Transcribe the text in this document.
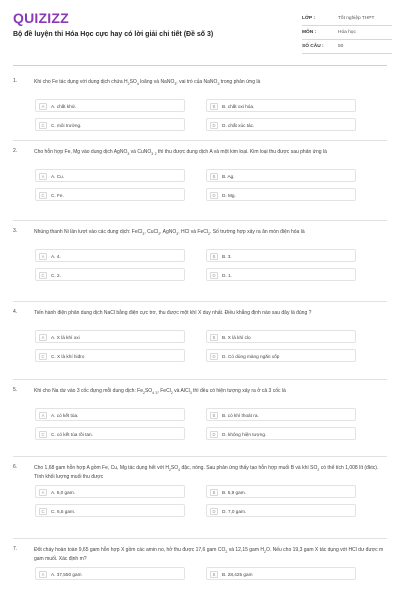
QUIZIZZ
Bộ đề luyện thi Hóa Học cực hay có lời giải chi tiết (Đề số 3)
LỚP :	Tốt nghiệp THPT
MÔN :	Hóa học
SỐ CÂU :	50
1.	Khi cho Fe tác dụng với dung dịch chứa $H_2SO_4$ loãng và NaNO$_3$, vai trò của NaNO$_3$ trong phản ứng là
A	A. chất khử.	B	B. chất oxi hóa.
C	C. môi trường.	D	D. chất xúc tác.
2.	Cho hỗn hợp Fe, Mg vào dung dịch AgNO$_3$ và CuNO$_3$ $_2$ thì thu được dung dịch A và một kim loại. Kim loại thu được sau phản ứng là
A	A. Cu.	B	B. Ag.
C	C. Fe.	D	D. Mg.
3.	Nhúng thanh Ni lần lượt vào các dung dịch: FeCl$_3$, CuCl$_2$, AgNO$_3$, HCl và FeCl$_2$. Số trường hợp xảy ra ăn mòn điện hóa là
A	A. 4.	B	B. 3.
C	C. 2.	D	D. 1.
4.	Tiến hành điện phân dung dịch NaCl bằng điện cực trơ, thu được một khí X duy nhất. Điều khẳng định nào sau đây là đúng ?
A	A. X là khí oxi	B	B. X là khí clo
C	C. X là khí hiđro	D	D. Có dùng màng ngăn xốp
5.	Khi cho Na dư vào 3 cốc đựng mỗi dung dịch: $Fe_2SO_4$ $_3$, FeCl$_2$ và AlCl$_3$ thì đều có hiện tượng xảy ra ở cả 3 cốc là
A	A. có kết tủa.	B	B. có khí thoát ra.
C	C. có kết tủa rồi tan.	D	D. không hiện tượng.
6.	Cho 1,68 gam hỗn hợp A gồm Fe, Cu, Mg tác dụng hết với $H_2SO_4$ đặc, nóng. Sau phản ứng thấy tạo hỗn hợp muối B và khí $SO_2$ có thể tích 1,008 lít (đktc). Tính khối lượng muối thu được
A	A. 6,0 gam.	B	B. 5,9 gam.
C	C. 6,5 gam.	D	D. 7,0 gam.
7.	Đốt cháy hoàn toàn 9,65 gam hỗn hợp X gồm các amin no, hở thu được 17,6 gam $CO_2$ và 12,15 gam $H_2O$. Nếu cho 19,3 gam X tác dụng với HCl dư được m gam muối. Xác định m?
A	A. 37,550 gam	B	B. 28,425 gam
